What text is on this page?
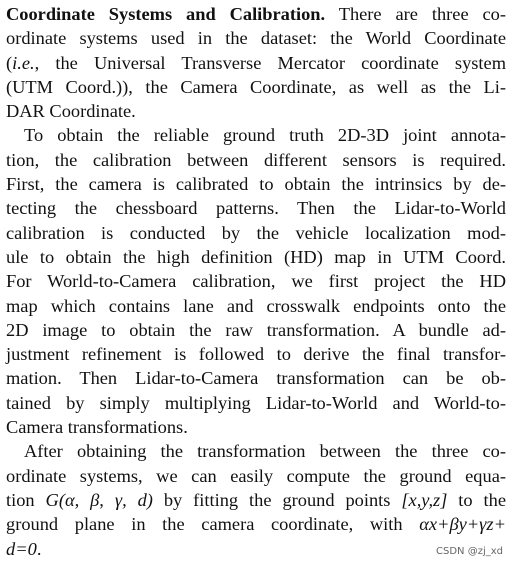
Coordinate Systems and Calibration. There are three co-
ordinate systems used in the dataset: the World Coordinate
(i.e., the Universal Transverse Mercator coordinate system
(UTM Coord.)), the Camera Coordinate, as well as the Li-
DAR Coordinate.
To obtain the reliable ground truth 2D-3D joint annota-
tion, the calibration between different sensors is required.
First, the camera is calibrated to obtain the intrinsics by de-
tecting the chessboard patterns. Then the Lidar-to-World
calibration is conducted by the vehicle localization mod-
ule to obtain the high definition (HD) map in UTM Coord.
For World-to-Camera calibration, we first project the HD
map which contains lane and crosswalk endpoints onto the
2D image to obtain the raw transformation. A bundle ad-
justment refinement is followed to derive the final transfor-
mation. Then Lidar-to-Camera transformation can be ob-
tained by simply multiplying Lidar-to-World and World-to-
Camera transformations.
After obtaining the transformation between the three co-
ordinate systems, we can easily compute the ground equa-
tion G(α, β, γ, d) by fitting the ground points [x,y,z] to the
ground plane in the camera coordinate, with αx+βy+γz+
d=0.	CSDN @zj_xd
